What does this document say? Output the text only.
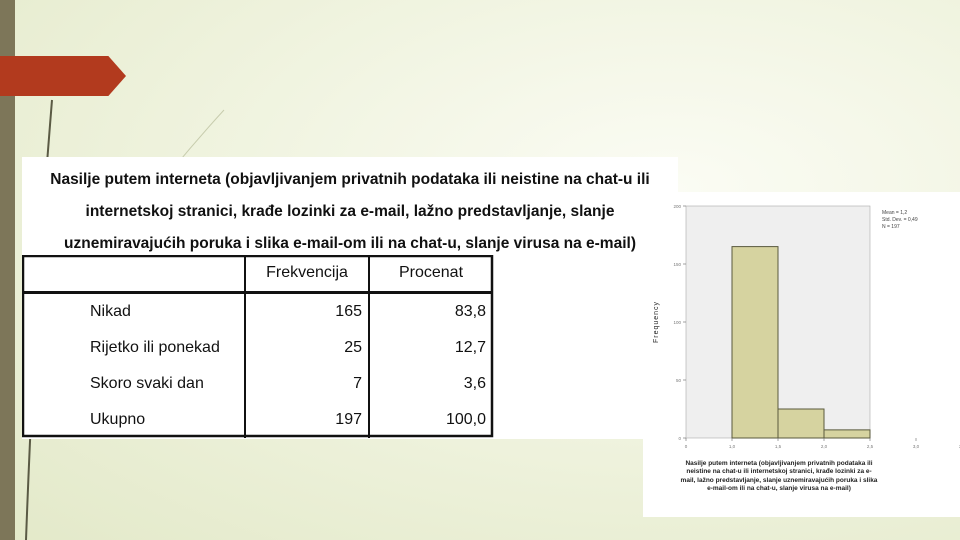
Nasilje putem interneta (objavljivanjem privatnih podataka ili neistine na chat-u ili
internetskoj stranici, krađe lozinki za e-mail, lažno predstavljanje, slanje
uznemiravajućih poruka i slika e-mail-om ili na chat-u, slanje virusa na e-mail)
	Frekvencija	Procenat
Nikad	165	83,8
Rijetko ili ponekad	25	12,7
Skoro svaki dan	7	3,6
Ukupno	197	100,0
0
50
100
150
200
0	1,0	1,5	2,0	2,5	3,0
Frequency
Mean = 1,2
Std. Dev. = 0,49
N = 197
Nasilje putem interneta (objavljivanjem privatnih podataka ili neistine na chat-u ili internetskoj stranici, krađe lozinki za e-mail, lažno predstavljanje, slanje uznemiravajućih poruka i slika e-mail-om ili na chat-u, slanje virusa na e-mail)
